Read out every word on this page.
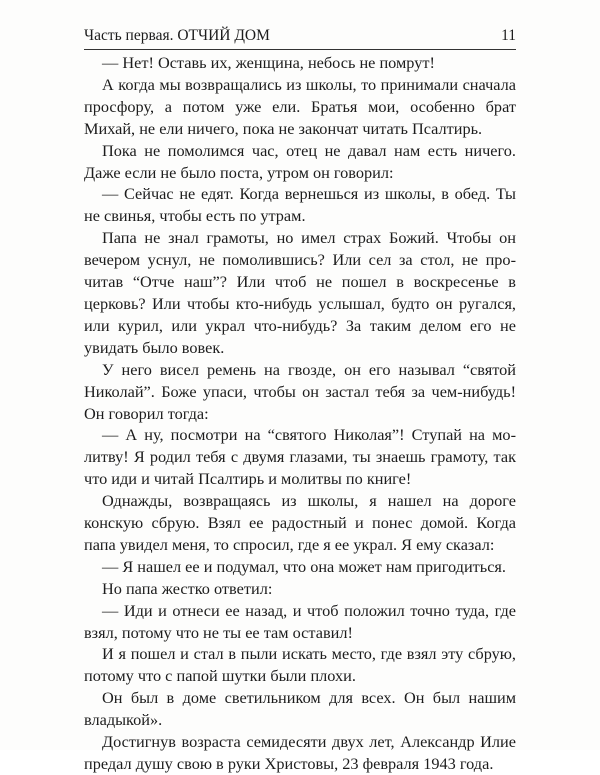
Часть первая. ОТЧИЙ ДОМ	11

— Нет! Оставь их, женщина, небось не помрут!

А когда мы возвращались из школы, то принимали сначала просфору, а потом уже ели. Братья мои, особенно брат Михай, не ели ничего, пока не закончат читать Псалтирь.

Пока не помолимся час, отец не давал нам есть ничего. Даже если не было поста, утром он говорил:

— Сейчас не едят. Когда вернешься из школы, в обед. Ты не свинья, чтобы есть по утрам.

Папа не знал грамоты, но имел страх Божий. Чтобы он вечером уснул, не помолившись? Или сел за стол, не прочитав “Отче наш”? Или чтоб не пошел в воскресенье в церковь? Или чтобы кто-нибудь услышал, будто он ругался, или курил, или украл что-нибудь? За таким делом его не увидать было вовек.

У него висел ремень на гвозде, он его называл “святой Николай”. Боже упаси, чтобы он застал тебя за чем-нибудь! Он говорил тогда:

— А ну, посмотри на “святого Николая”! Ступай на молитву! Я родил тебя с двумя глазами, ты знаешь грамоту, так что иди и читай Псалтирь и молитвы по книге!

Однажды, возвращаясь из школы, я нашел на дороге конскую сбрую. Взял ее радостный и понес домой. Когда папа увидел меня, то спросил, где я ее украл. Я ему сказал:

— Я нашел ее и подумал, что она может нам пригодиться.

Но папа жестко ответил:

— Иди и отнеси ее назад, и чтоб положил точно туда, где взял, потому что не ты ее там оставил!

И я пошел и стал в пыли искать место, где взял эту сбрую, потому что с папой шутки были плохи.

Он был в доме светильником для всех. Он был нашим владыкой».

Достигнув возраста семидесяти двух лет, Александр Илие предал душу свою в руки Христовы, 23 февраля 1943 года.
